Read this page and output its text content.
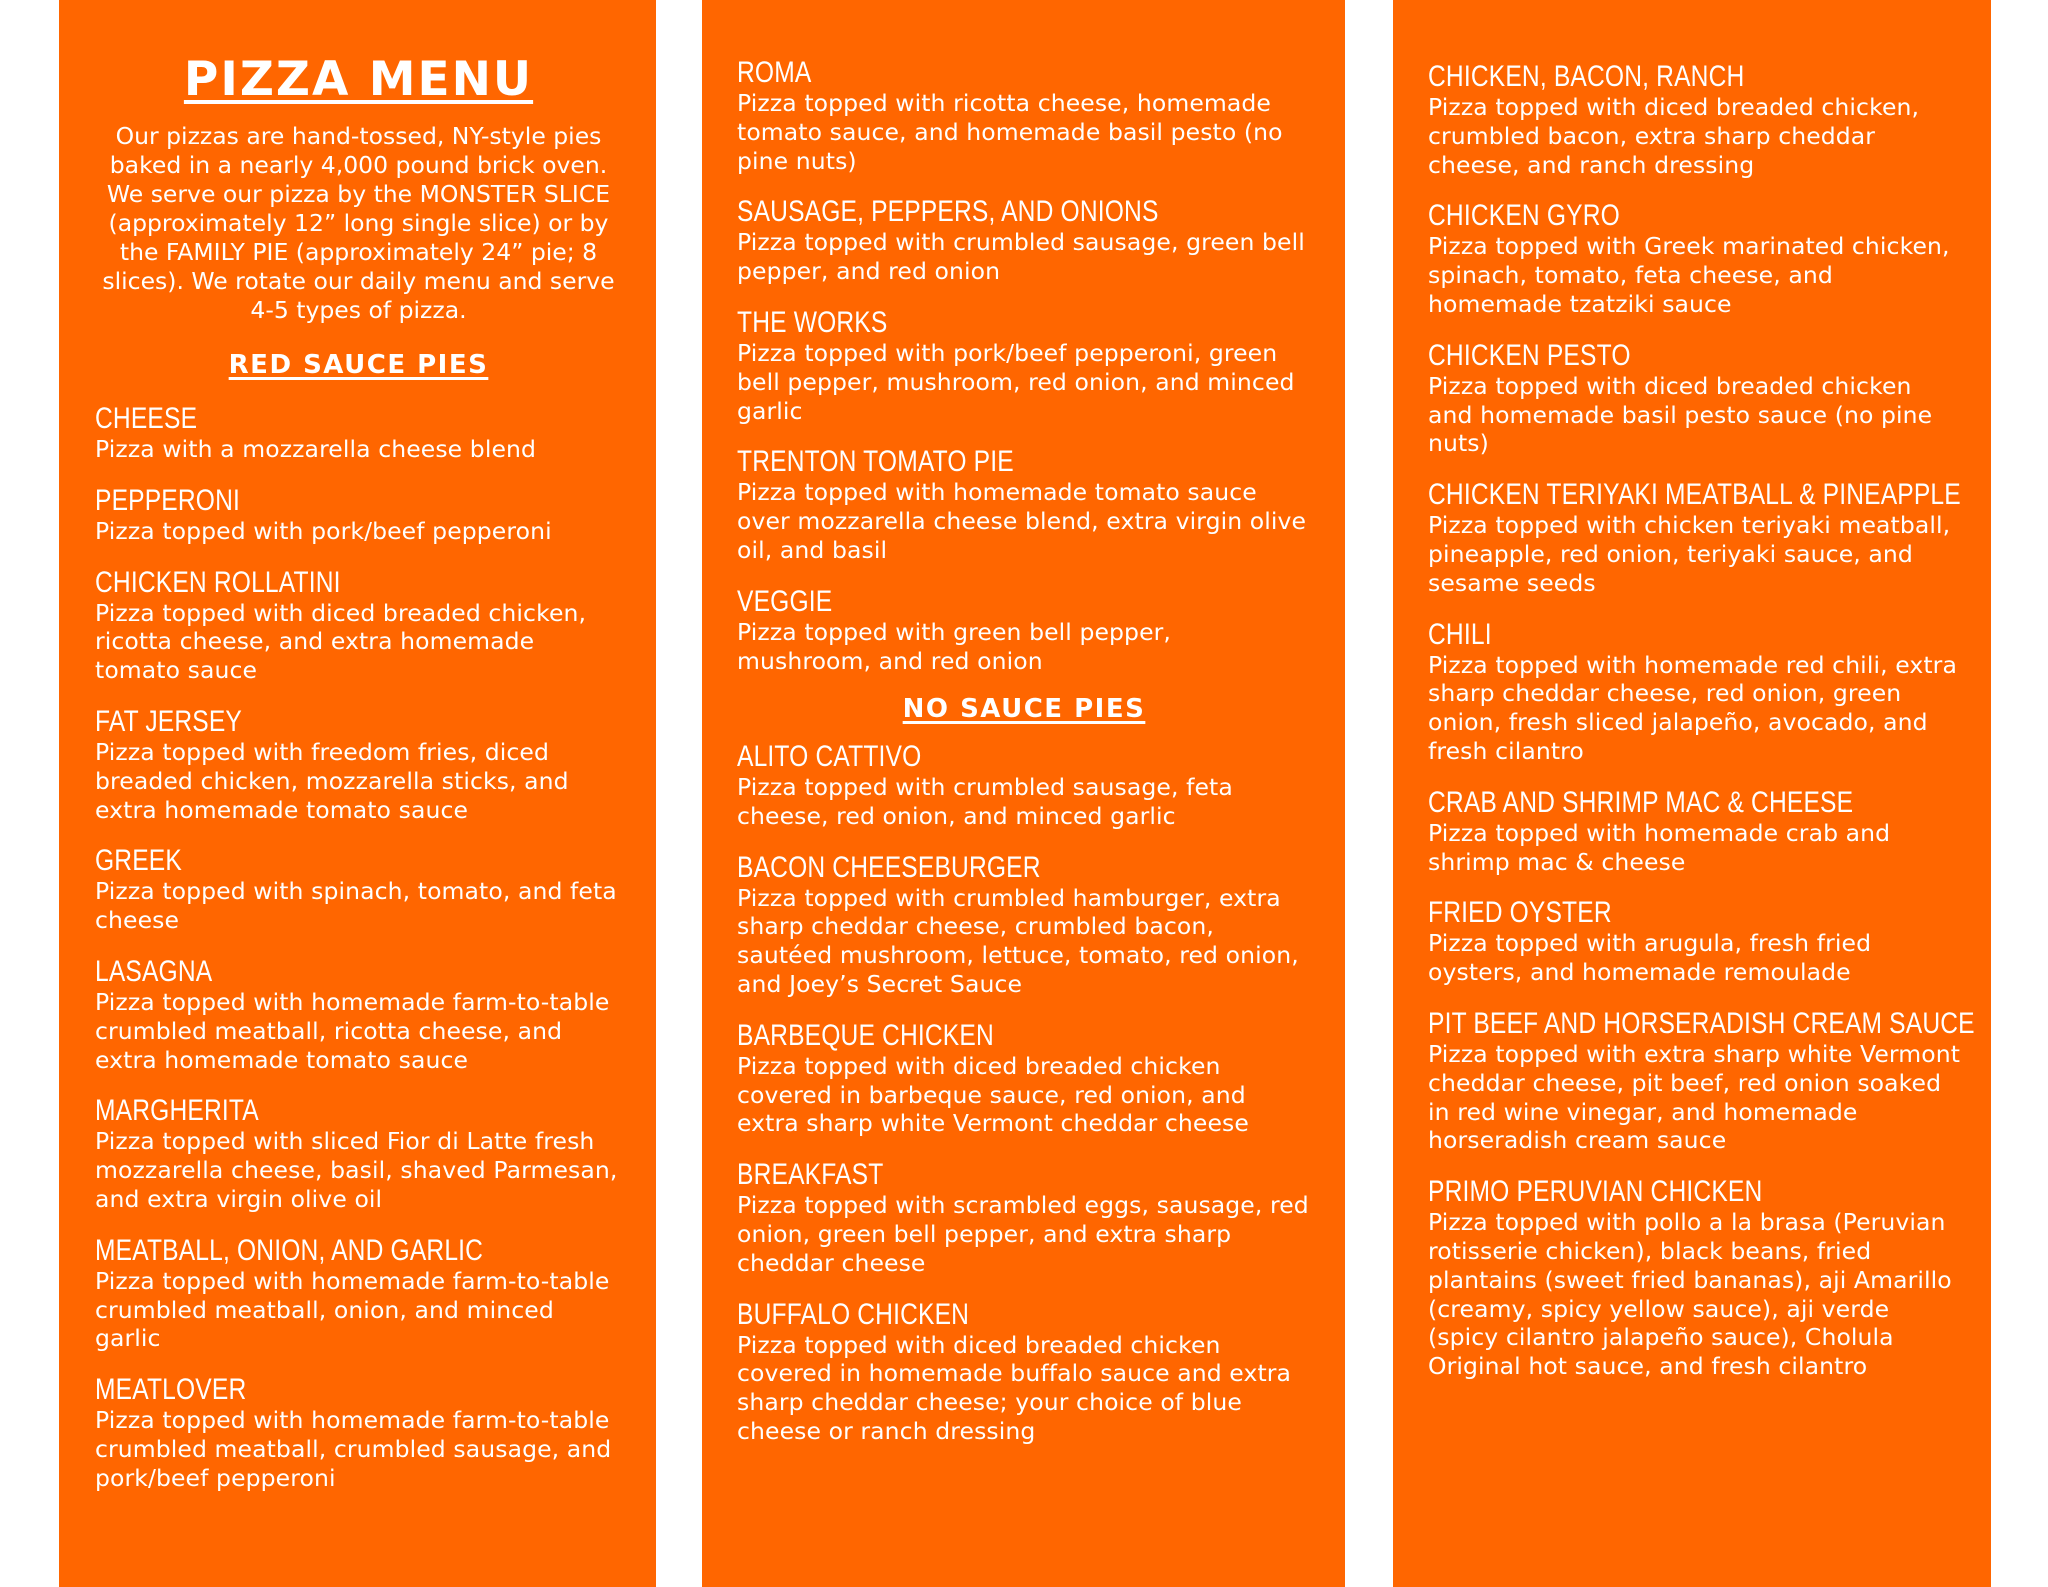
PIZZA MENU
Our pizzas are hand-tossed, NY-style pies baked in a nearly 4,000 pound brick oven. We serve our pizza by the MONSTER SLICE (approximately 12” long single slice) or by the FAMILY PIE (approximately 24” pie; 8 slices). We rotate our daily menu and serve 4-5 types of pizza.
RED SAUCE PIES
CHEESE
Pizza with a mozzarella cheese blend
PEPPERONI
Pizza topped with pork/beef pepperoni
CHICKEN ROLLATINI
Pizza topped with diced breaded chicken, ricotta cheese, and extra homemade tomato sauce
FAT JERSEY
Pizza topped with freedom fries, diced breaded chicken, mozzarella sticks, and extra homemade tomato sauce
GREEK
Pizza topped with spinach, tomato, and feta cheese
LASAGNA
Pizza topped with homemade farm-to-table crumbled meatball, ricotta cheese, and extra homemade tomato sauce
MARGHERITA
Pizza topped with sliced Fior di Latte fresh mozzarella cheese, basil, shaved Parmesan, and extra virgin olive oil
MEATBALL, ONION, AND GARLIC
Pizza topped with homemade farm-to-table crumbled meatball, onion, and minced garlic
MEATLOVER
Pizza topped with homemade farm-to-table crumbled meatball, crumbled sausage, and pork/beef pepperoni
ROMA
Pizza topped with ricotta cheese, homemade tomato sauce, and homemade basil pesto (no pine nuts)
SAUSAGE, PEPPERS, AND ONIONS
Pizza topped with crumbled sausage, green bell pepper, and red onion
THE WORKS
Pizza topped with pork/beef pepperoni, green bell pepper, mushroom, red onion, and minced garlic
TRENTON TOMATO PIE
Pizza topped with homemade tomato sauce over mozzarella cheese blend, extra virgin olive oil, and basil
VEGGIE
Pizza topped with green bell pepper, mushroom, and red onion
NO SAUCE PIES
ALITO CATTIVO
Pizza topped with crumbled sausage, feta cheese, red onion, and minced garlic
BACON CHEESEBURGER
Pizza topped with crumbled hamburger, extra sharp cheddar cheese, crumbled bacon, sautéed mushroom, lettuce, tomato, red onion, and Joey’s Secret Sauce
BARBEQUE CHICKEN
Pizza topped with diced breaded chicken covered in barbeque sauce, red onion, and extra sharp white Vermont cheddar cheese
BREAKFAST
Pizza topped with scrambled eggs, sausage, red onion, green bell pepper, and extra sharp cheddar cheese
BUFFALO CHICKEN
Pizza topped with diced breaded chicken covered in homemade buffalo sauce and extra sharp cheddar cheese; your choice of blue cheese or ranch dressing
CHICKEN, BACON, RANCH
Pizza topped with diced breaded chicken, crumbled bacon, extra sharp cheddar cheese, and ranch dressing
CHICKEN GYRO
Pizza topped with Greek marinated chicken, spinach, tomato, feta cheese, and homemade tzatziki sauce
CHICKEN PESTO
Pizza topped with diced breaded chicken and homemade basil pesto sauce (no pine nuts)
CHICKEN TERIYAKI MEATBALL & PINEAPPLE
Pizza topped with chicken teriyaki meatball, pineapple, red onion, teriyaki sauce, and sesame seeds
CHILI
Pizza topped with homemade red chili, extra sharp cheddar cheese, red onion, green onion, fresh sliced jalapeño, avocado, and fresh cilantro
CRAB AND SHRIMP MAC & CHEESE
Pizza topped with homemade crab and shrimp mac & cheese
FRIED OYSTER
Pizza topped with arugula, fresh fried oysters, and homemade remoulade
PIT BEEF AND HORSERADISH CREAM SAUCE
Pizza topped with extra sharp white Vermont cheddar cheese, pit beef, red onion soaked in red wine vinegar, and homemade horseradish cream sauce
PRIMO PERUVIAN CHICKEN
Pizza topped with pollo a la brasa (Peruvian rotisserie chicken), black beans, fried plantains (sweet fried bananas), aji Amarillo (creamy, spicy yellow sauce), aji verde (spicy cilantro jalapeño sauce), Cholula Original hot sauce, and fresh cilantro
